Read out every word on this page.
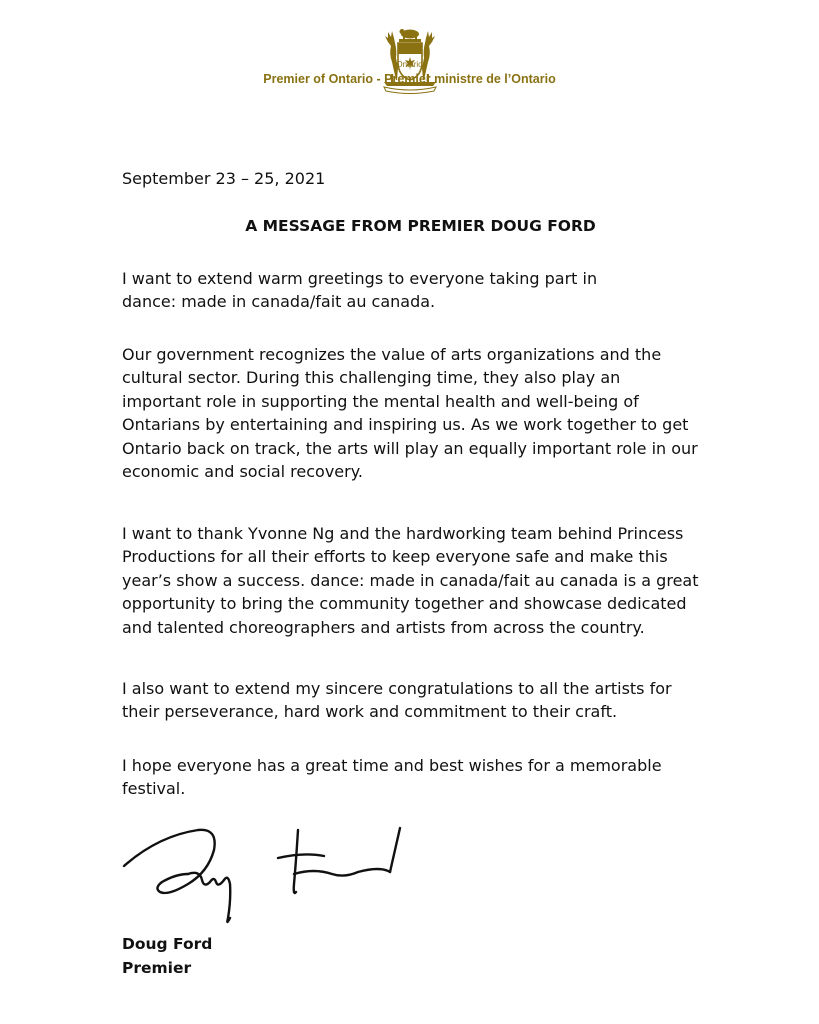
Ontario
Premier of Ontario - Premier ministre de l’Ontario
September 23 – 25, 2021
A MESSAGE FROM PREMIER DOUG FORD

I want to extend warm greetings to everyone taking part in
dance: made in canada/fait au canada.

Our government recognizes the value of arts organizations and the
cultural sector. During this challenging time, they also play an
important role in supporting the mental health and well-being of
Ontarians by entertaining and inspiring us. As we work together to get
Ontario back on track, the arts will play an equally important role in our
economic and social recovery.

I want to thank Yvonne Ng and the hardworking team behind Princess
Productions for all their efforts to keep everyone safe and make this
year’s show a success. dance: made in canada/fait au canada is a great
opportunity to bring the community together and showcase dedicated
and talented choreographers and artists from across the country.

I also want to extend my sincere congratulations to all the artists for
their perseverance, hard work and commitment to their craft.

I hope everyone has a great time and best wishes for a memorable
festival.

Doug Ford
Premier
